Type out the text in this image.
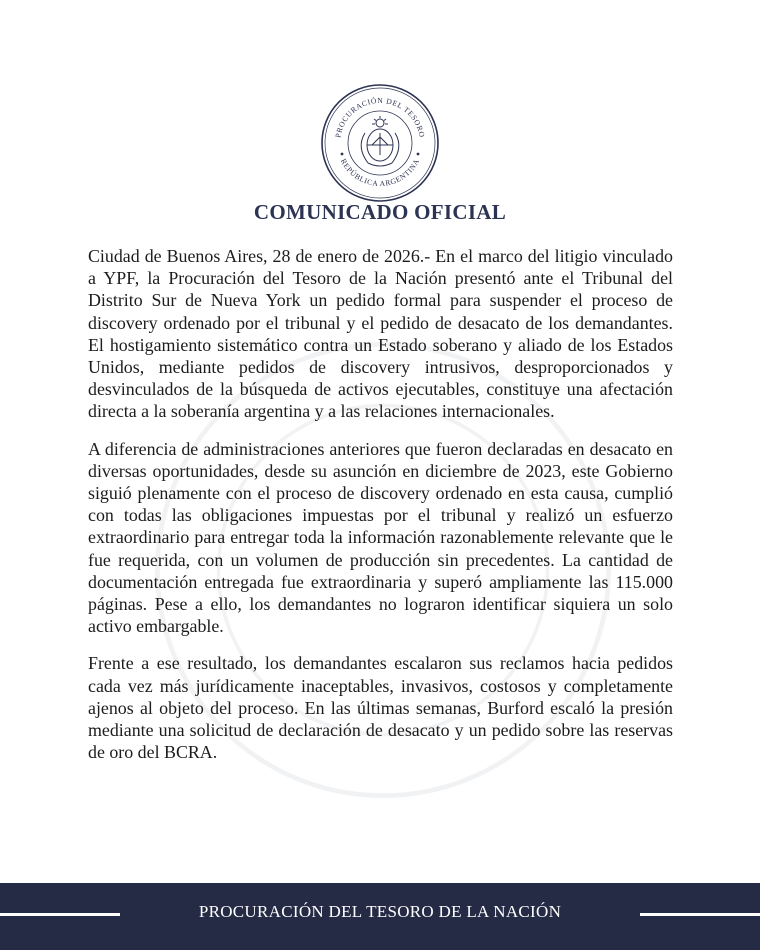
PROCURACIÓN DEL TESORO
REPÚBLICA ARGENTINA
COMUNICADO OFICIAL

Ciudad de Buenos Aires, 28 de enero de 2026.- En el marco del litigio vinculado a YPF, la Procuración del Tesoro de la Nación presentó ante el Tribunal del Distrito Sur de Nueva York un pedido formal para suspender el proceso de discovery ordenado por el tribunal y el pedido de desacato de los demandantes. El hostigamiento sistemático contra un Estado soberano y aliado de los Estados Unidos, mediante pedidos de discovery intrusivos, desproporcionados y desvinculados de la búsqueda de activos ejecutables, constituye una afectación directa a la soberanía argentina y a las relaciones internacionales.

A diferencia de administraciones anteriores que fueron declaradas en desacato en diversas oportunidades, desde su asunción en diciembre de 2023, este Gobierno siguió plenamente con el proceso de discovery ordenado en esta causa, cumplió con todas las obligaciones impuestas por el tribunal y realizó un esfuerzo extraordinario para entregar toda la información razonablemente relevante que le fue requerida, con un volumen de producción sin precedentes. La cantidad de documentación entregada fue extraordinaria y superó ampliamente las 115.000 páginas. Pese a ello, los demandantes no lograron identificar siquiera un solo activo embargable.

Frente a ese resultado, los demandantes escalaron sus reclamos hacia pedidos cada vez más jurídicamente inaceptables, invasivos, costosos y completamente ajenos al objeto del proceso. En las últimas semanas, Burford escaló la presión mediante una solicitud de declaración de desacato y un pedido sobre las reservas de oro del BCRA.

PROCURACIÓN DEL TESORO DE LA NACIÓN
